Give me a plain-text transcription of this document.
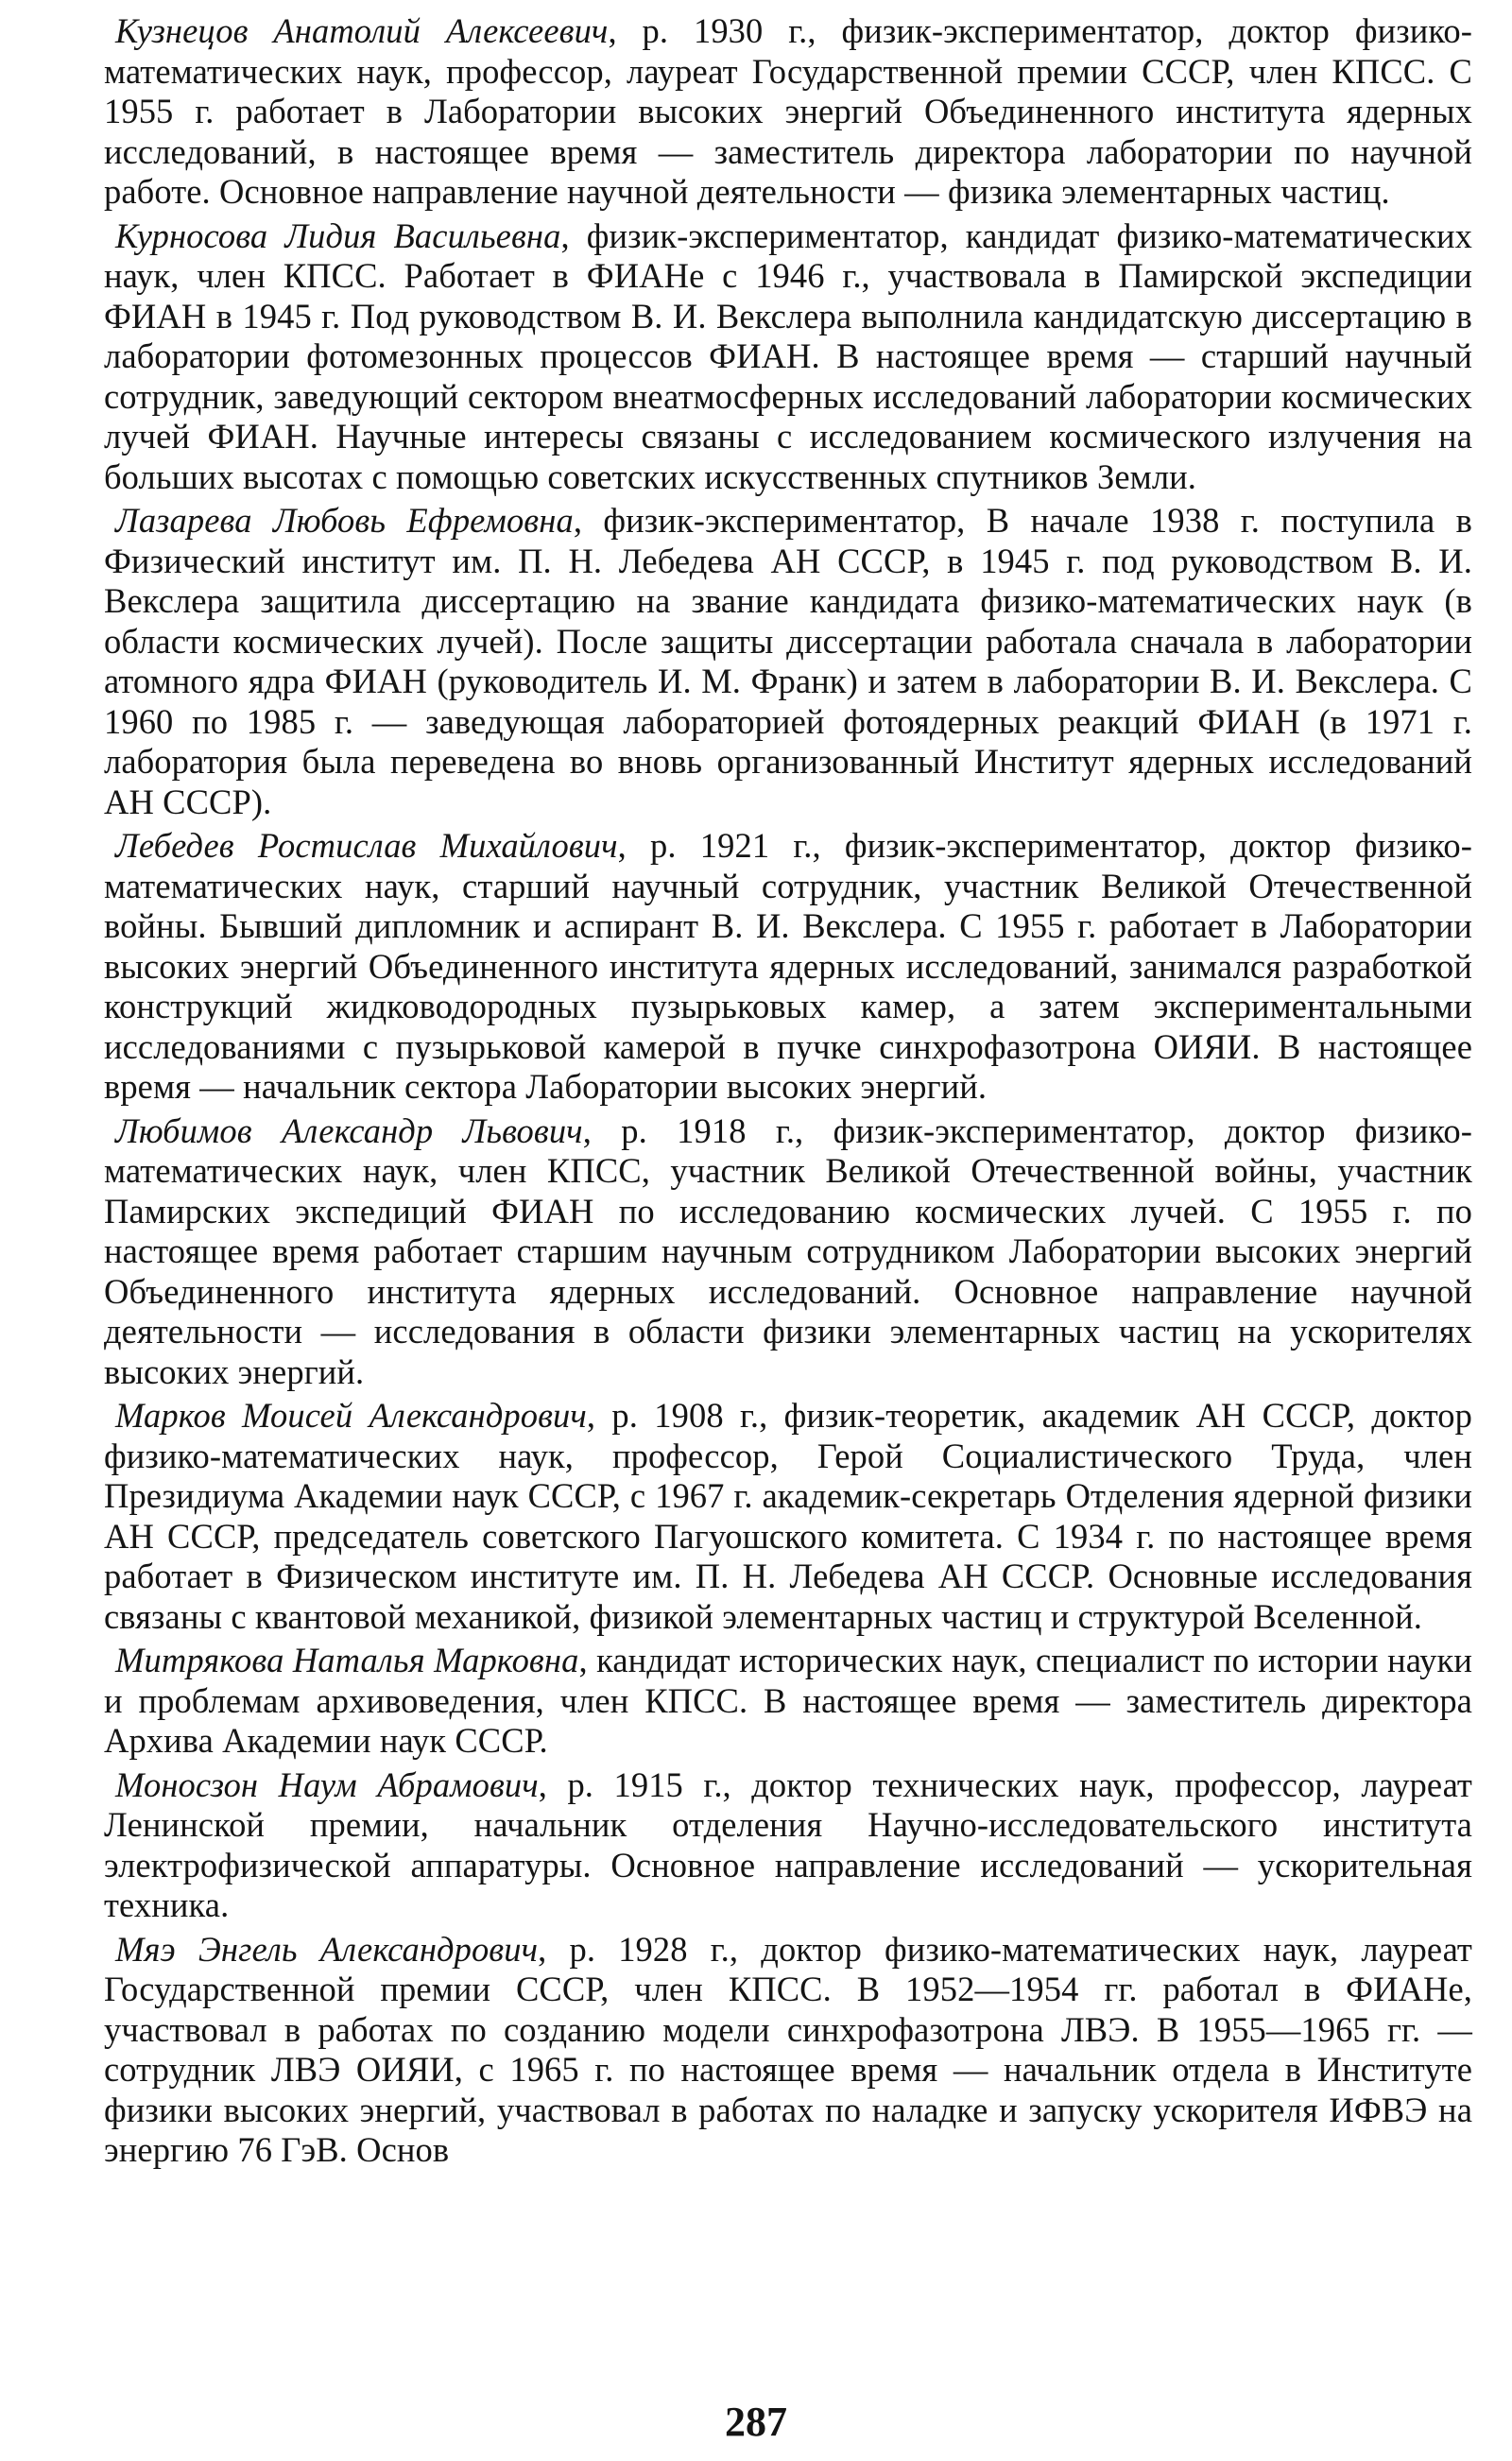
Кузнецов Анатолий Алексеевич, р. 1930 г., физик-экспериментатор, доктор физико-математических наук, профессор, лауреат Государственной премии СССР, член КПСС. С 1955 г. работает в Лаборатории высоких энергий Объединенного института ядерных исследований, в настоящее время — заместитель директора лаборатории по научной работе. Основное направление научной деятельности — физика элементарных частиц.

Курносова Лидия Васильевна, физик-экспериментатор, кандидат физико-математических наук, член КПСС. Работает в ФИАНе с 1946 г., участвовала в Памирской экспедиции ФИАН в 1945 г. Под руководством В. И. Векслера выполнила кандидатскую диссертацию в лаборатории фотомезонных процессов ФИАН. В настоящее время — старший научный сотрудник, заведующий сектором внеатмосферных исследований лаборатории космических лучей ФИАН. Научные интересы связаны с исследованием космического излучения на больших высотах с помощью советских искусственных спутников Земли.

Лазарева Любовь Ефремовна, физик-экспериментатор, В начале 1938 г. поступила в Физический институт им. П. Н. Лебедева АН СССР, в 1945 г. под руководством В. И. Векслера защитила диссертацию на звание кандидата физико-математических наук (в области космических лучей). После защиты диссертации работала сначала в лаборатории атомного ядра ФИАН (руководитель И. М. Франк) и затем в лаборатории В. И. Векслера. С 1960 по 1985 г. — заведующая лабораторией фотоядерных реакций ФИАН (в 1971 г. лаборатория была переведена во вновь организованный Институт ядерных исследований АН СССР).

Лебедев Ростислав Михайлович, р. 1921 г., физик-экспериментатор, доктор физико-математических наук, старший научный сотрудник, участник Великой Отечественной войны. Бывший дипломник и аспирант В. И. Векслера. С 1955 г. работает в Лаборатории высоких энергий Объединенного института ядерных исследований, занимался разработкой конструкций жидководородных пузырьковых камер, а затем экспериментальными исследованиями с пузырьковой камерой в пучке синхрофазотрона ОИЯИ. В настоящее время — начальник сектора Лаборатории высоких энергий.

Любимов Александр Львович, р. 1918 г., физик-экспериментатор, доктор физико-математических наук, член КПСС, участник Великой Отечественной войны, участник Памирских экспедиций ФИАН по исследованию космических лучей. С 1955 г. по настоящее время работает старшим научным сотрудником Лаборатории высоких энергий Объединенного института ядерных исследований. Основное направление научной деятельности — исследования в области физики элементарных частиц на ускорителях высоких энергий.

Марков Моисей Александрович, р. 1908 г., физик-теоретик, академик АН СССР, доктор физико-математических наук, профессор, Герой Социалистического Труда, член Президиума Академии наук СССР, с 1967 г. академик-секретарь Отделения ядерной физики АН СССР, председатель советского Пагуошского комитета. С 1934 г. по настоящее время работает в Физическом институте им. П. Н. Лебедева АН СССР. Основные исследования связаны с квантовой механикой, физикой элементарных частиц и структурой Вселенной.

Митрякова Наталья Марковна, кандидат исторических наук, специалист по истории науки и проблемам архивоведения, член КПСС. В настоящее время — заместитель директора Архива Академии наук СССР.

Моносзон Наум Абрамович, р. 1915 г., доктор технических наук, профессор, лауреат Ленинской премии, начальник отделения Научно-исследовательского института электрофизической аппаратуры. Основное направление исследований — ускорительная техника.

Мяэ Энгель Александрович, р. 1928 г., доктор физико-математических наук, лауреат Государственной премии СССР, член КПСС. В 1952—1954 гг. работал в ФИАНе, участвовал в работах по созданию модели синхрофазотрона ЛВЭ. В 1955—1965 гг. — сотрудник ЛВЭ ОИЯИ, с 1965 г. по настоящее время — начальник отдела в Институте физики высоких энергий, участвовал в работах по наладке и запуску ускорителя ИФВЭ на энергию 76 ГэВ. Основ

287
